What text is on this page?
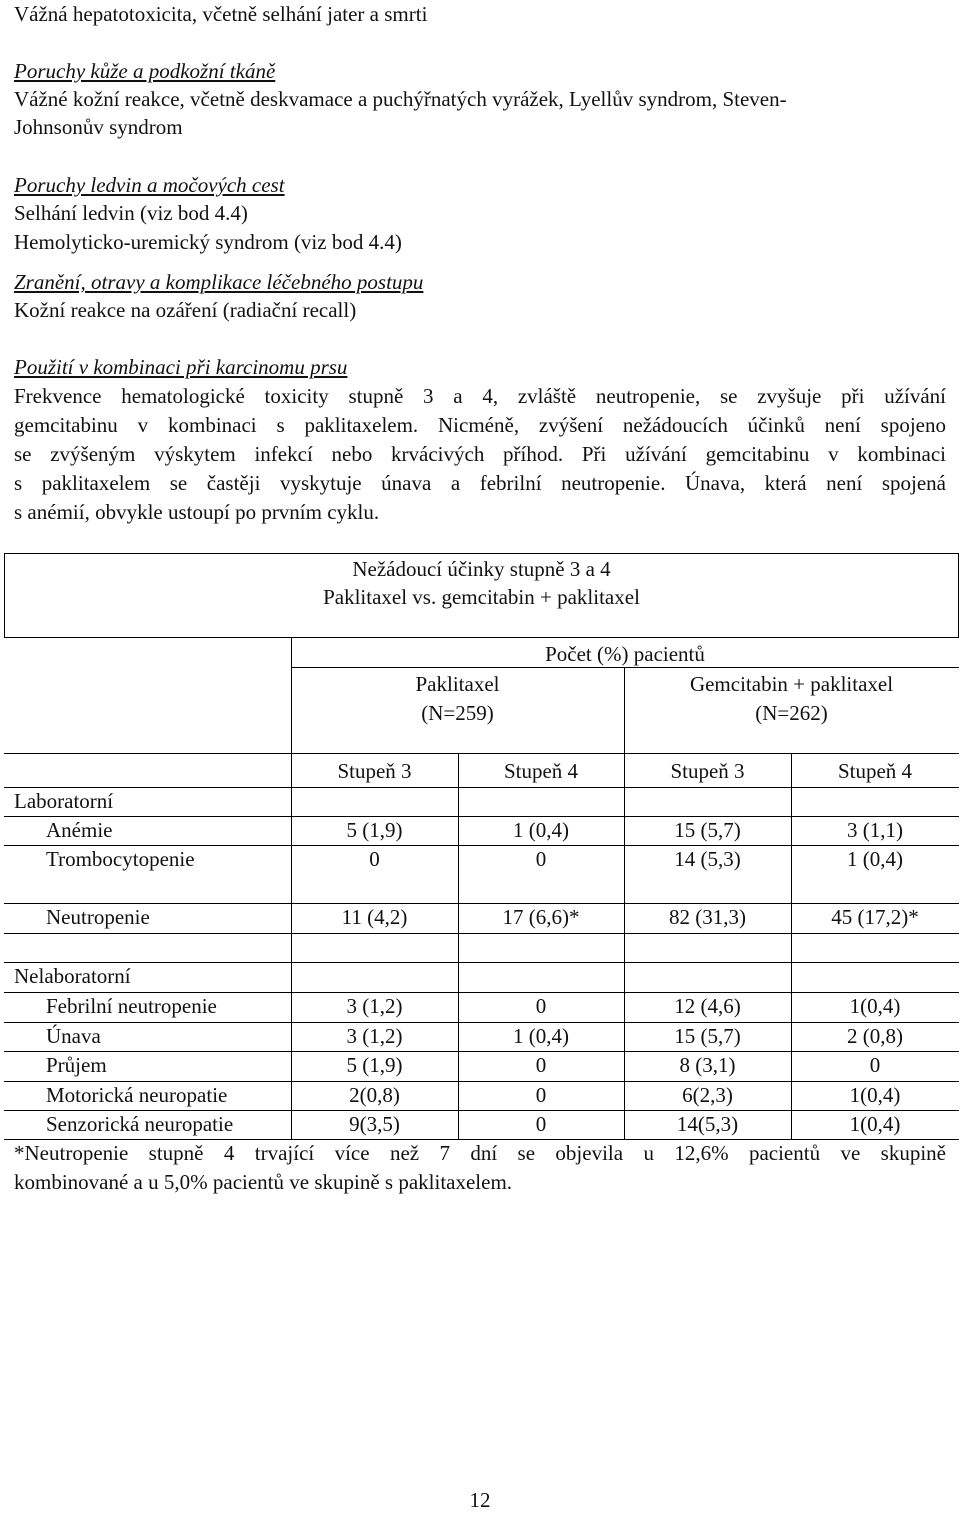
Vážná hepatotoxicita, včetně selhání jater a smrti
Poruchy kůže a podkožní tkáně
Vážné kožní reakce, včetně deskvamace a puchýřnatých vyrážek, Lyellův syndrom, Steven-
Johnsonův syndrom
Poruchy ledvin a močových cest
Selhání ledvin (viz bod 4.4)
Hemolyticko-uremický syndrom (viz bod 4.4)
Zranění, otravy a komplikace léčebného postupu
Kožní reakce na ozáření (radiační recall)
Použití v kombinaci při karcinomu prsu
Frekvence hematologické toxicity stupně 3 a 4, zvláště neutropenie, se zvyšuje při užívání
gemcitabinu v kombinaci s paklitaxelem. Nicméně, zvýšení nežádoucích účinků není spojeno
se zvýšeným výskytem infekcí nebo krvácivých příhod. Při užívání gemcitabinu v kombinaci
s paklitaxelem se častěji vyskytuje únava a febrilní neutropenie. Únava, která není spojená
s anémií, obvykle ustoupí po prvním cyklu.
Nežádoucí účinky stupně 3 a 4
Paklitaxel vs. gemcitabin + paklitaxel
Počet (%) pacientů
Paklitaxel
(N=259)
Gemcitabin + paklitaxel
(N=262)
Stupeň 3	Stupeň 4	Stupeň 3	Stupeň 4
Laboratorní
Anémie	5 (1,9)	1 (0,4)	15 (5,7)	3 (1,1)
Trombocytopenie	0	0	14 (5,3)	1 (0,4)
Neutropenie	11 (4,2)	17 (6,6)*	82 (31,3)	45 (17,2)*
Nelaboratorní
Febrilní neutropenie	3 (1,2)	0	12 (4,6)	1(0,4)
Únava	3 (1,2)	1 (0,4)	15 (5,7)	2 (0,8)
Průjem	5 (1,9)	0	8 (3,1)	0
Motorická neuropatie	2(0,8)	0	6(2,3)	1(0,4)
Senzorická neuropatie	9(3,5)	0	14(5,3)	1(0,4)
*Neutropenie stupně 4 trvající více než 7 dní se objevila u 12,6% pacientů ve skupině
kombinované a u 5,0% pacientů ve skupině s paklitaxelem.
12
